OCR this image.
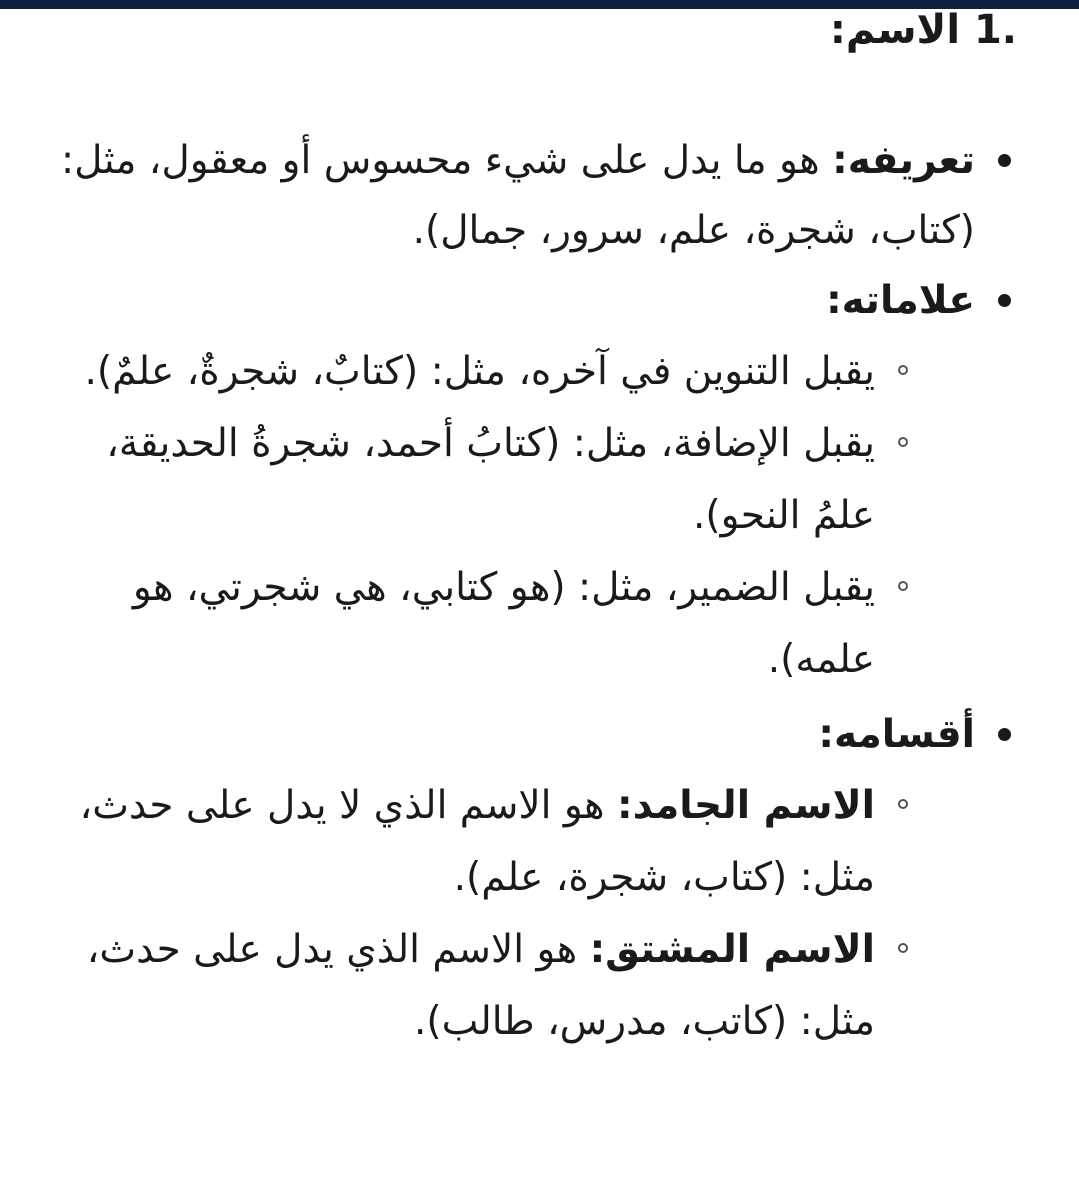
1. الاسم:
تعريفه: هو ما يدل على شيء محسوس أو معقول، مثل: (كتاب، شجرة، علم، سرور، جمال).
علاماته:
يقبل التنوين في آخره، مثل: (كتابٌ، شجرةٌ، علمٌ).
يقبل الإضافة، مثل: (كتابُ أحمد، شجرةُ الحديقة، علمُ النحو).
يقبل الضمير، مثل: (هو كتابي، هي شجرتي، هو علمه).
أقسامه:
الاسم الجامد: هو الاسم الذي لا يدل على حدث، مثل: (كتاب، شجرة، علم).
الاسم المشتق: هو الاسم الذي يدل على حدث، مثل: (كاتب، مدرس، طالب).
